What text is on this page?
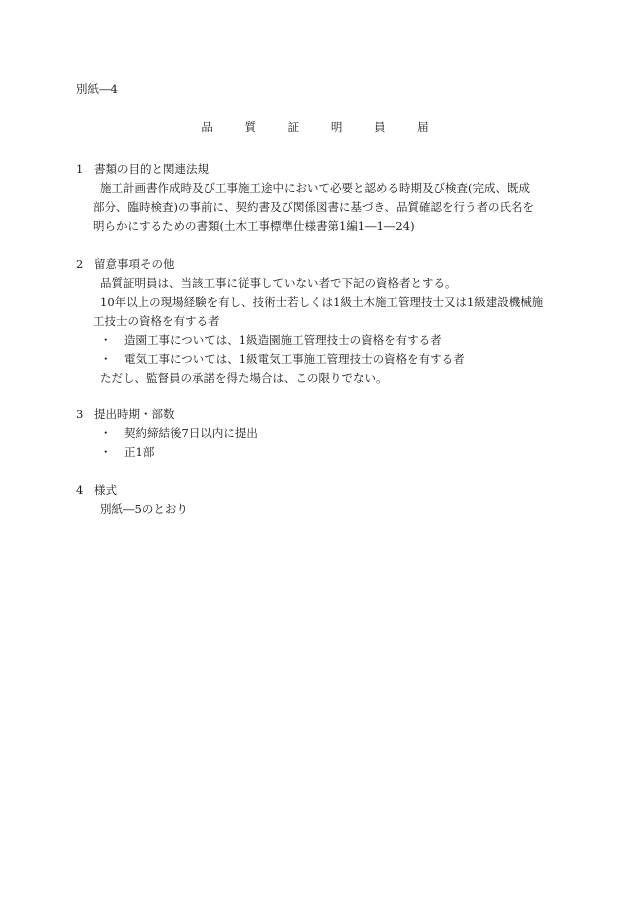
別紙―4
品 質 証 明 員 届
1 書類の目的と関連法規
施工計画書作成時及び工事施工途中において必要と認める時期及び検査(完成、既成
部分、臨時検査)の事前に、契約書及び関係図書に基づき、品質確認を行う者の氏名を
明らかにするための書類(土木工事標準仕様書第1編1―1―24)
2 留意事項その他
品質証明員は、当該工事に従事していない者で下記の資格者とする。
10年以上の現場経験を有し、技術士若しくは1級土木施工管理技士又は1級建設機械施
工技士の資格を有する者
・ 造園工事については、1級造園施工管理技士の資格を有する者
・ 電気工事については、1級電気工事施工管理技士の資格を有する者
ただし、監督員の承諾を得た場合は、この限りでない。
3 提出時期・部数
・ 契約締結後7日以内に提出
・ 正1部
4 様式
別紙―5のとおり
